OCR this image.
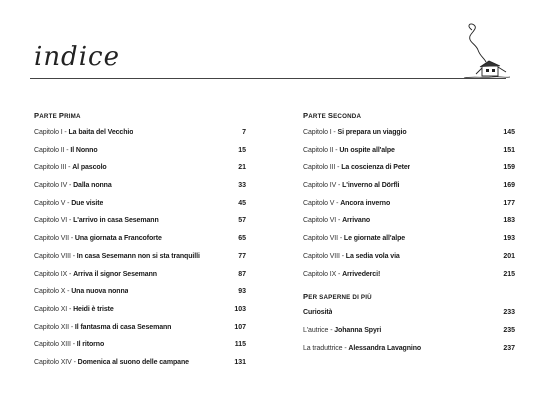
indice
PARTE PRIMA
Capitolo I - La baita del Vecchio	7
Capitolo II - Il Nonno	15
Capitolo III - Al pascolo	21
Capitolo IV - Dalla nonna	33
Capitolo V - Due visite	45
Capitolo VI - L'arrivo in casa Sesemann	57
Capitolo VII - Una giornata a Francoforte	65
Capitolo VIII - In casa Sesemann non si sta tranquilli	77
Capitolo IX - Arriva il signor Sesemann	87
Capitolo X - Una nuova nonna	93
Capitolo XI - Heidi è triste	103
Capitolo XII - Il fantasma di casa Sesemann	107
Capitolo XIII - Il ritorno	115
Capitolo XIV - Domenica al suono delle campane	131
PARTE SECONDA
Capitolo I - Si prepara un viaggio	145
Capitolo II - Un ospite all'alpe	151
Capitolo III - La coscienza di Peter	159
Capitolo IV - L'inverno al Dörfli	169
Capitolo V - Ancora inverno	177
Capitolo VI - Arrivano	183
Capitolo VII - Le giornate all'alpe	193
Capitolo VIII - La sedia vola via	201
Capitolo IX - Arrivederci!	215
PER SAPERNE DI PIÙ
Curiosità	233
L'autrice - Johanna Spyri	235
La traduttrice - Alessandra Lavagnino	237
